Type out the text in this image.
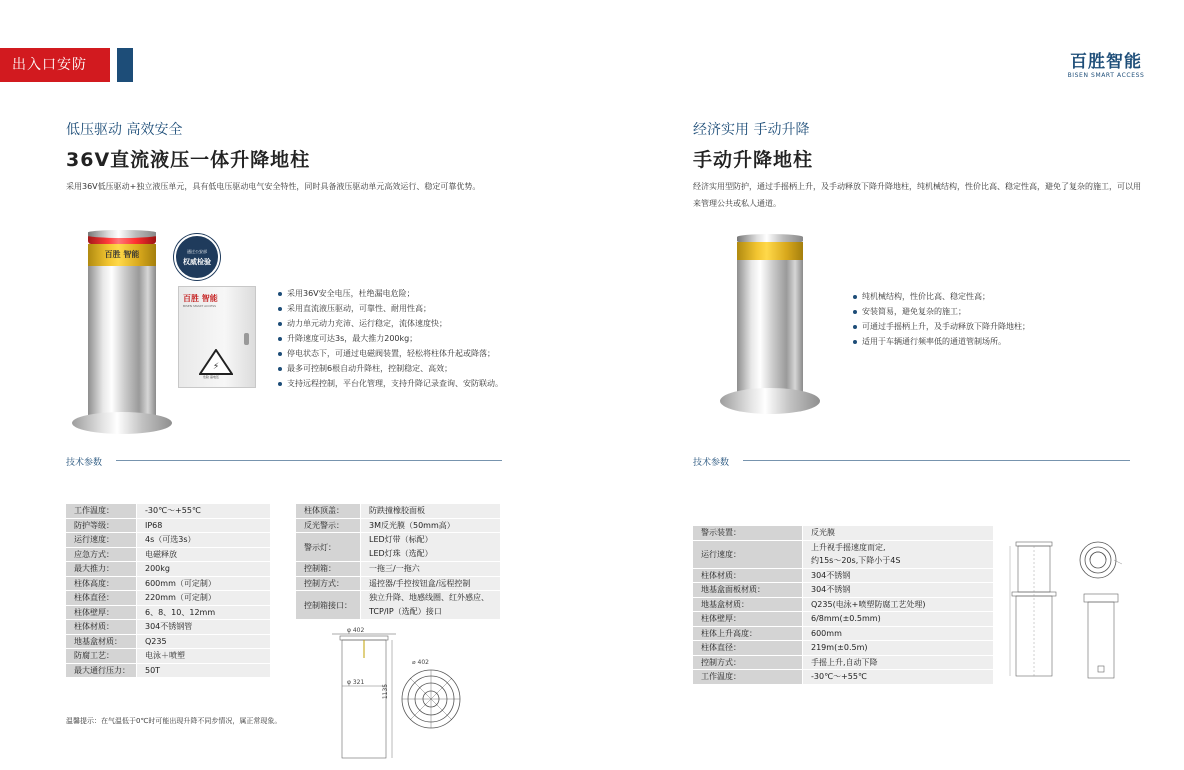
出入口安防	百胜智能
BISEN SMART ACCESS
低压驱动 高效安全
36V直流液压一体升降地柱
采用36V低压驱动+独立液压单元，具有低电压驱动电气安全特性，同时具备液压驱动单元高效运行、稳定可靠优势。
百胜 智能
百胜 智能
BISEN SMART ACCESS
⚡
危险 高电压
通过公安部
权威检验
采用36V安全电压，杜绝漏电危险；
采用直流液压驱动，可靠性、耐用性高；
动力单元动力充沛、运行稳定，流体速度快；
升降速度可达3s，最大推力200kg；
停电状态下，可通过电磁阀装置，轻松将柱体升起或降落；
最多可控制6根自动升降柱，控制稳定、高效；
支持远程控制，平台化管理，支持升降记录查询、安防联动。
技术参数
工作温度：	-30℃～+55℃
防护等级：	IP68
运行速度：	4s（可选3s）
应急方式：	电磁释放
最大推力：	200kg
柱体高度：	600mm（可定制）
柱体直径：	220mm（可定制）
柱体壁厚：	6、8、10、12mm
柱体材质：	304不锈钢管
地基盒材质：	Q235
防腐工艺：	电泳＋喷塑
最大通行压力：	50T
柱体顶盖：	防跌撞橡胶面板
反光警示：	3M反光膜（50mm高）
警示灯：
LED灯带（标配）
LED灯珠（选配）
控制箱：	一拖三/一拖六
控制方式：	遥控器/手控按钮盒/远程控制
控制箱接口：
独立升降、地感线圈、红外感应、
TCP/IP（选配）接口
φ 402
φ 321
1135
⌀ 402
温馨提示：在气温低于0℃时可能出现升降不同步情况，属正常现象。
经济实用 手动升降
手动升降地柱
经济实用型防护，通过手摇柄上升，及手动释放下降升降地柱，纯机械结构，性价比高、稳定性高，避免了复杂的施工，可以用来管理公共或私人通道。
纯机械结构，性价比高、稳定性高；
安装简易，避免复杂的施工；
可通过手摇柄上升，及手动释放下降升降地柱；
适用于车辆通行频率低的通道管制场所。
技术参数
警示装置：	反光膜
运行速度：
上升视手摇速度而定,
约15s～20s,下降小于4S
柱体材质：	304不锈钢
地基盒面板材质：	304不锈钢
地基盒材质：	Q235(电泳+喷塑防腐工艺处理)
柱体壁厚：	6/8mm(±0.5mm)
柱体上升高度：	600mm
柱体直径：	219m(±0.5m)
控制方式：	手摇上升,自动下降
工作温度：	-30℃～+55℃
